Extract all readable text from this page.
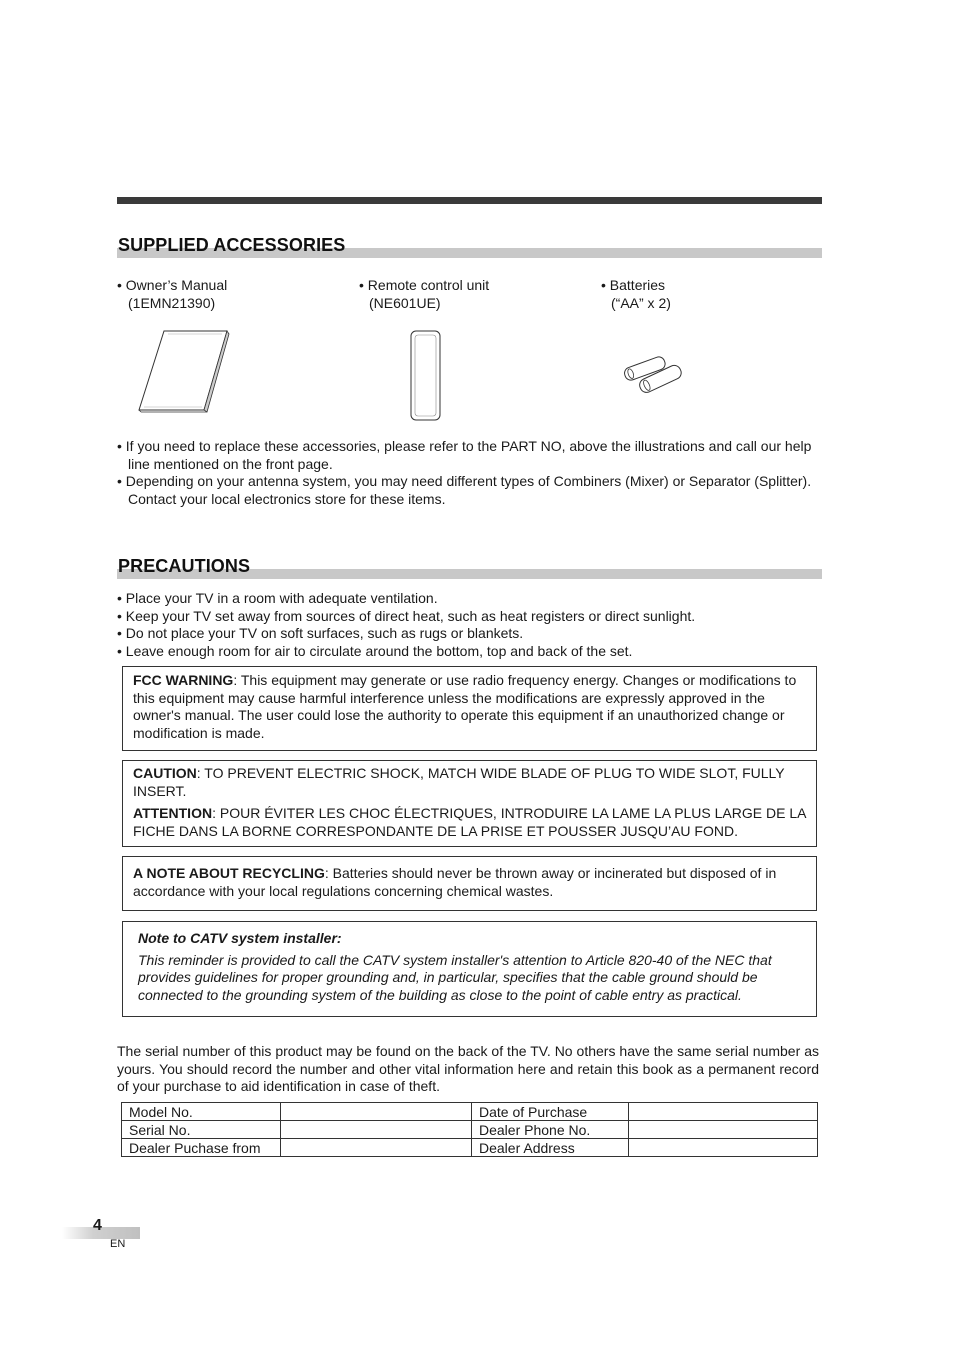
SUPPLIED ACCESSORIES
• Owner’s Manual
(1EMN21390)
• Remote control unit
(NE601UE)
• Batteries
(“AA” x 2)

• If you need to replace these accessories, please refer to the PART NO, above the illustrations and call our help line mentioned on the front page.

• Depending on your antenna system, you may need different types of Combiners (Mixer) or Separator (Splitter). Contact your local electronics store for these items.

PRECAUTIONS

• Place your TV in a room with adequate ventilation.

• Keep your TV set away from sources of direct heat, such as heat registers or direct sunlight.

• Do not place your TV on soft surfaces, such as rugs or blankets.

• Leave enough room for air to circulate around the bottom, top and back of the set.

FCC WARNING: This equipment may generate or use radio frequency energy. Changes or modifications to this equipment may cause harmful interference unless the modifications are expressly approved in the owner's manual. The user could lose the authority to operate this equipment if an unauthorized change or modification is made.

CAUTION: TO PREVENT ELECTRIC SHOCK, MATCH WIDE BLADE OF PLUG TO WIDE SLOT, FULLY INSERT.

ATTENTION: POUR ÉVITER LES CHOC ÉLECTRIQUES, INTRODUIRE LA LAME LA PLUS LARGE DE LA FICHE DANS LA BORNE CORRESPONDANTE DE LA PRISE ET POUSSER JUSQU’AU FOND.

A NOTE ABOUT RECYCLING: Batteries should never be thrown away or incinerated but disposed of in accordance with your local regulations concerning chemical wastes.

Note to CATV system installer:

This reminder is provided to call the CATV system installer's attention to Article 820-40 of the NEC that provides guidelines for proper grounding and, in particular, specifies that the cable ground should be connected to the grounding system of the building as close to the point of cable entry as practical.

The serial number of this product may be found on the back of the TV. No others have the same serial number as yours. You should record the number and other vital information here and retain this book as a permanent record of your purchase to aid identification in case of theft.
Model No.		Date of Purchase	
Serial No.		Dealer Phone No.	
Dealer Puchase from		Dealer Address	
4
EN
